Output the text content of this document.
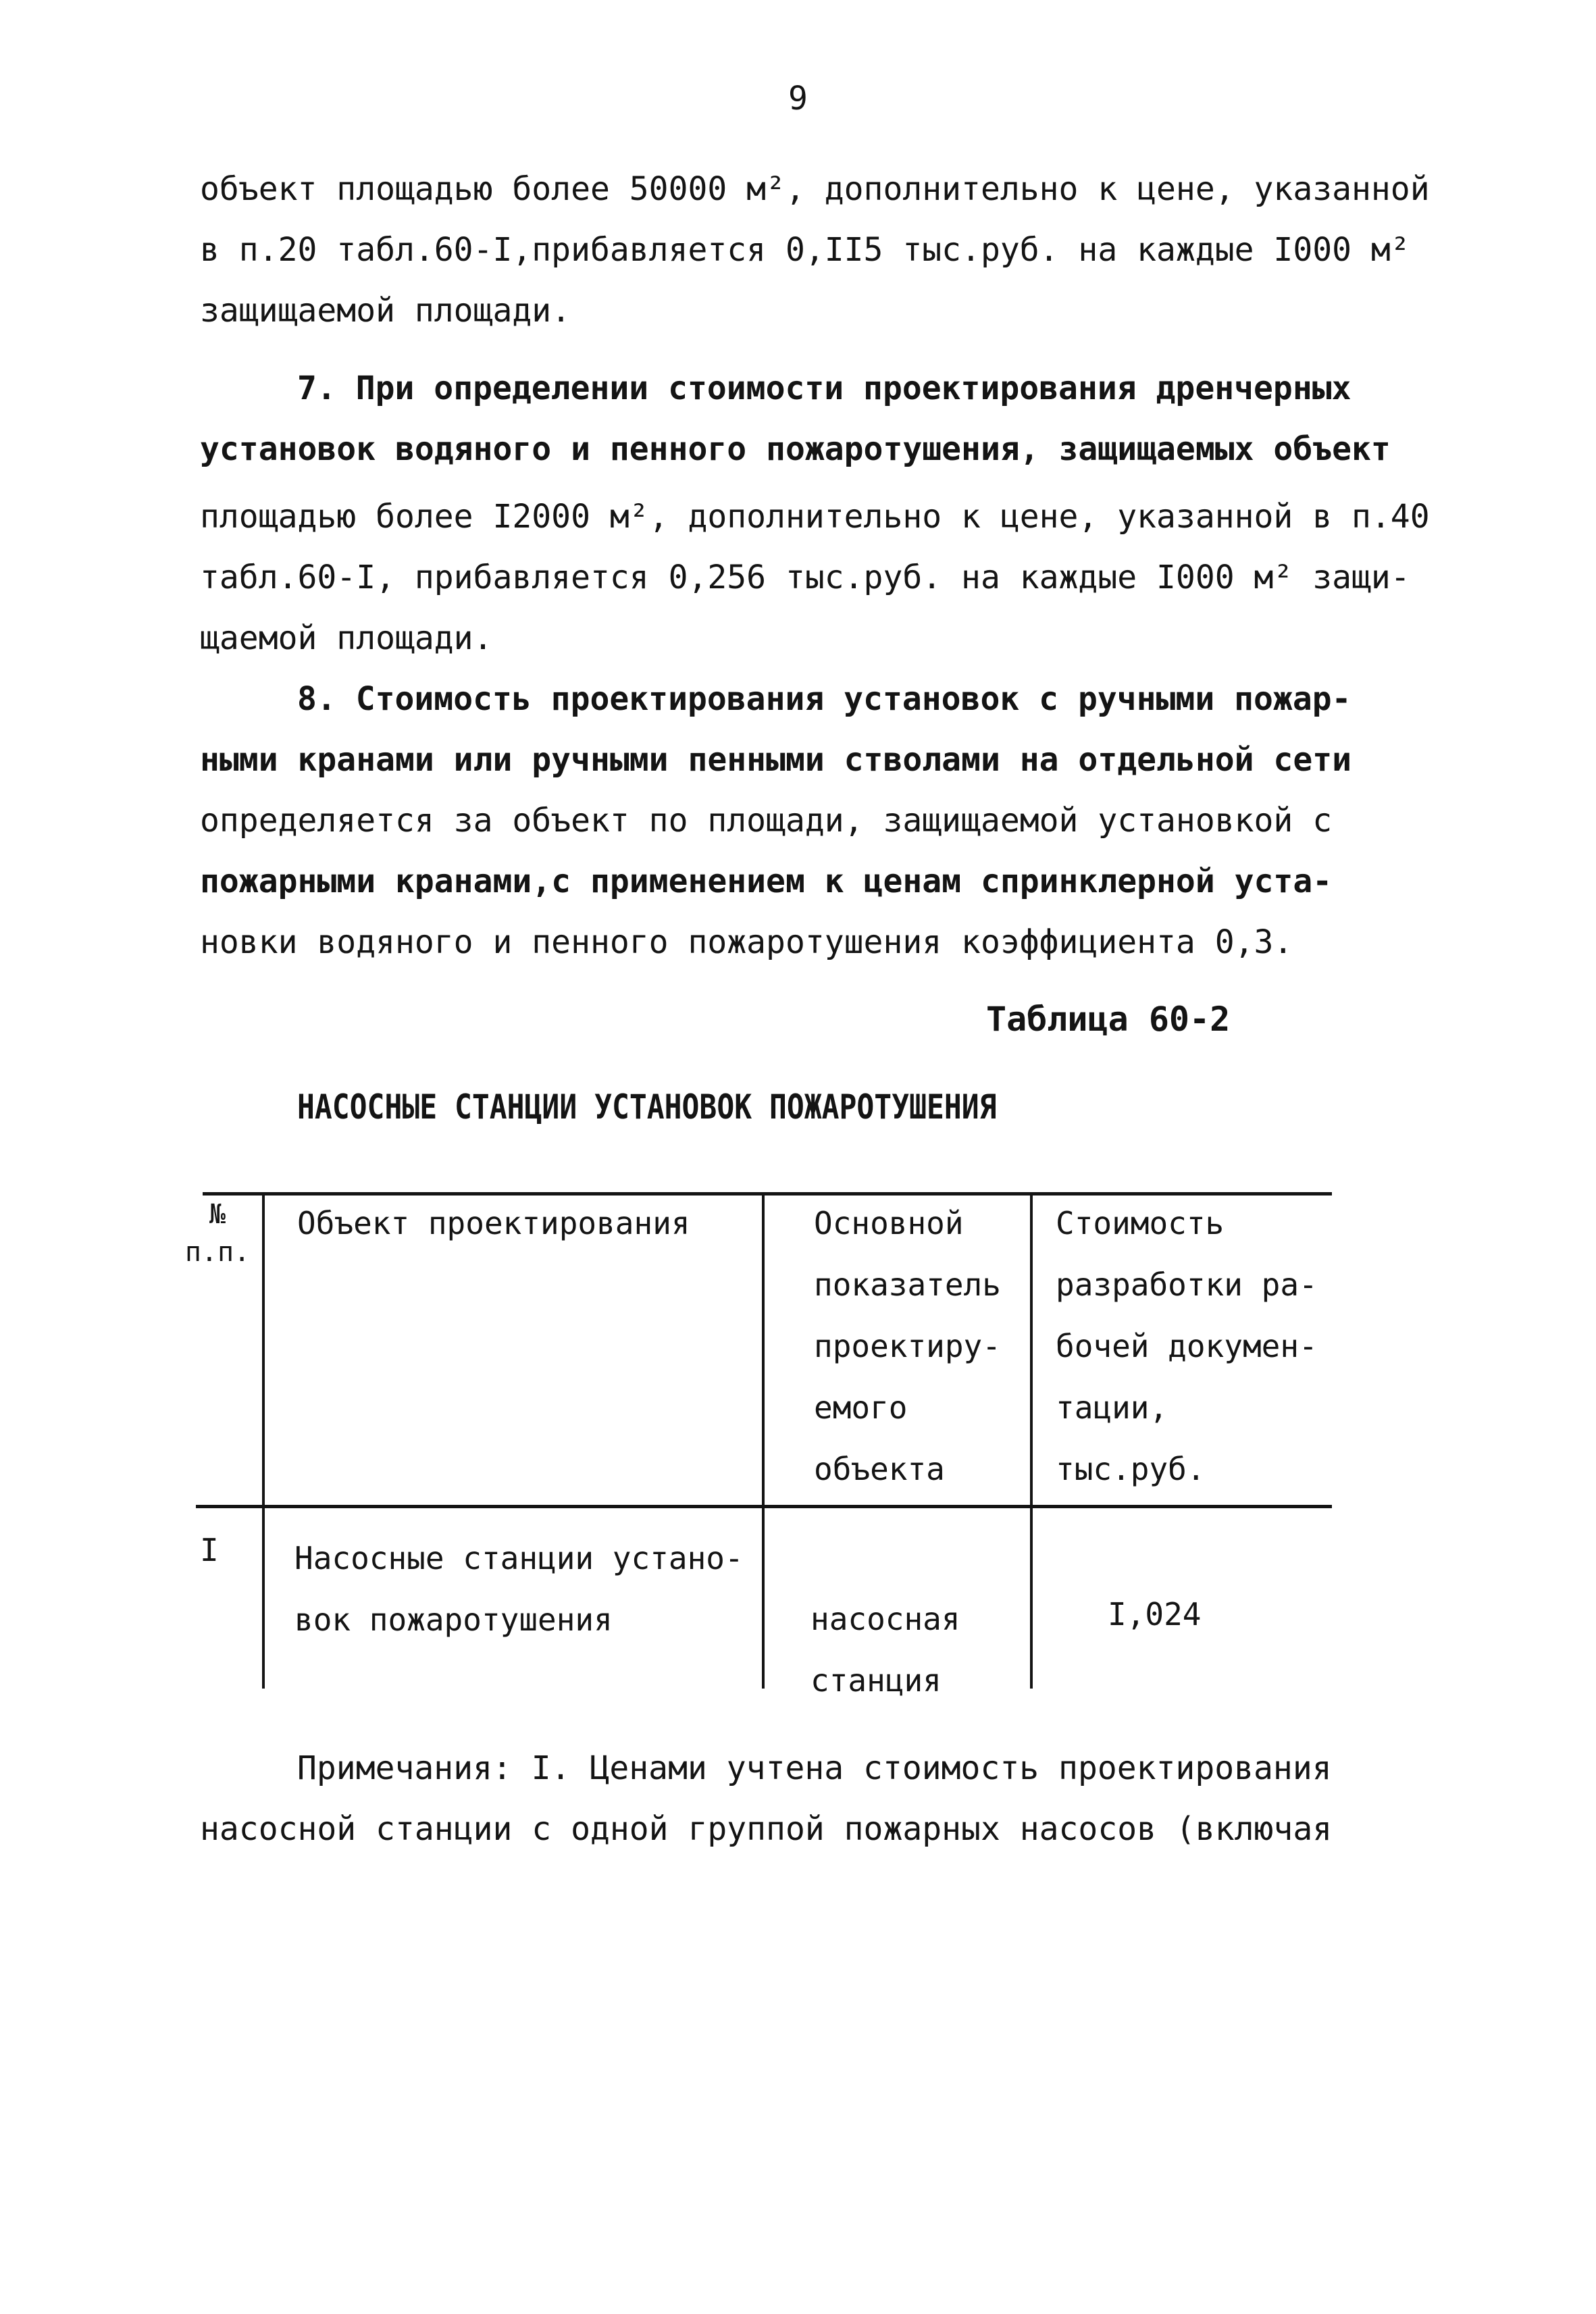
9
объект площадью более 50000 м², дополнительно к цене, указанной
в п.20 табл.60-I,прибавляется 0,II5 тыс.руб. на каждые I000 м²
защищаемой площади.
7. При определении стоимости проектирования дренчерных
установок водяного и пенного пожаротушения, защищаемых объект
площадью более I2000 м², дополнительно к цене, указанной в п.40
табл.60-I, прибавляется 0,256 тыс.руб. на каждые I000 м² защи-
щаемой площади.
8. Стоимость проектирования установок с ручными пожар-
ными кранами или ручными пенными стволами на отдельной сети
определяется за объект по площади, защищаемой установкой с
пожарными кранами,с применением к ценам спринклерной уста-
новки водяного и пенного пожаротушения коэффициента 0,3.
Таблица 60-2
НАСОСНЫЕ СТАНЦИИ УСТАНОВОК ПОЖАРОТУШЕНИЯ
№
п.п.
Объект проектирования	Основной
показатель
проектиру-
емого
объекта
Стоимость
разработки ра-
бочей докумен-
тации,
тыс.руб.
I Насосные станции устано-
вок пожаротушения	насосная
станция
I,024
Примечания: I. Ценами учтена стоимость проектирования
насосной станции с одной группой пожарных насосов (включая
